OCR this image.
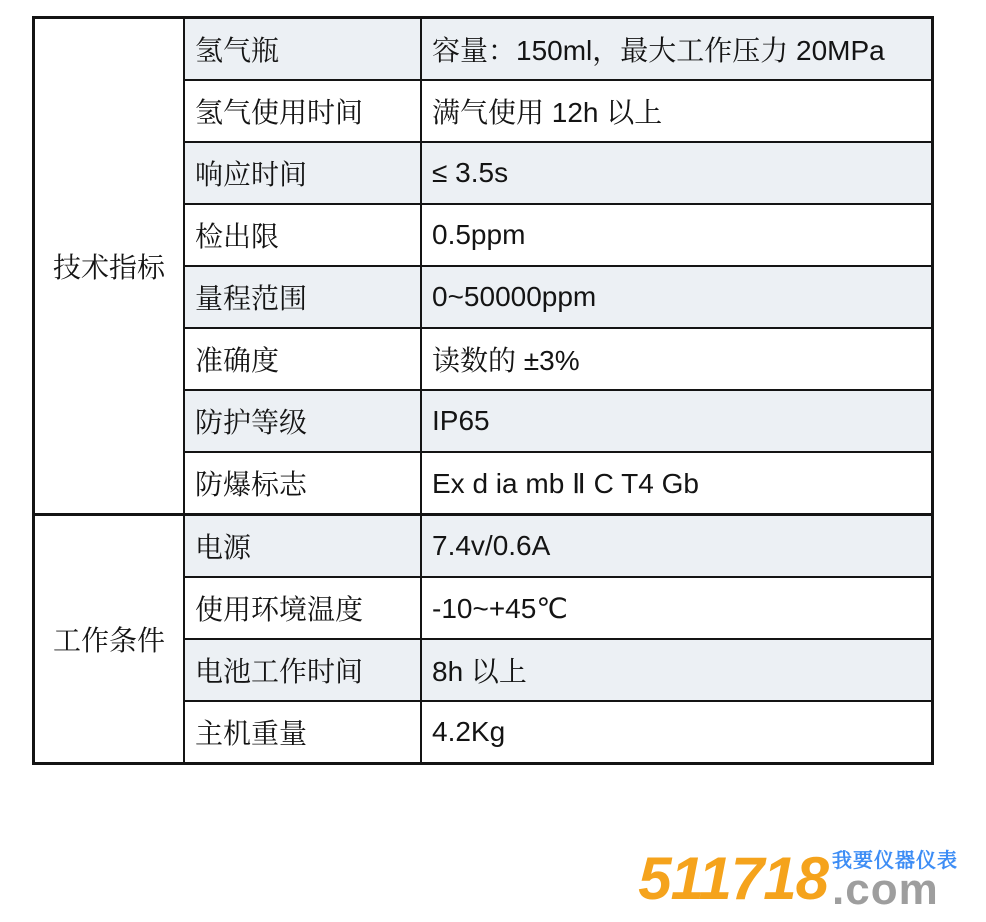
技术指标	氢气瓶	容量：150ml，最大工作压力 20MPa
	氢气使用时间	满气使用 12h 以上
	响应时间	≤ 3.5s
	检出限	0.5ppm
	量程范围	0~50000ppm
	准确度	读数的 ±3%
	防护等级	IP65
	防爆标志	Ex d ia mb Ⅱ C T4 Gb
工作条件	电源	7.4v/0.6A
	使用环境温度	-10~+45℃
	电池工作时间	8h 以上
	主机重量	4.2Kg
511718 我要仪器仪表
.com
